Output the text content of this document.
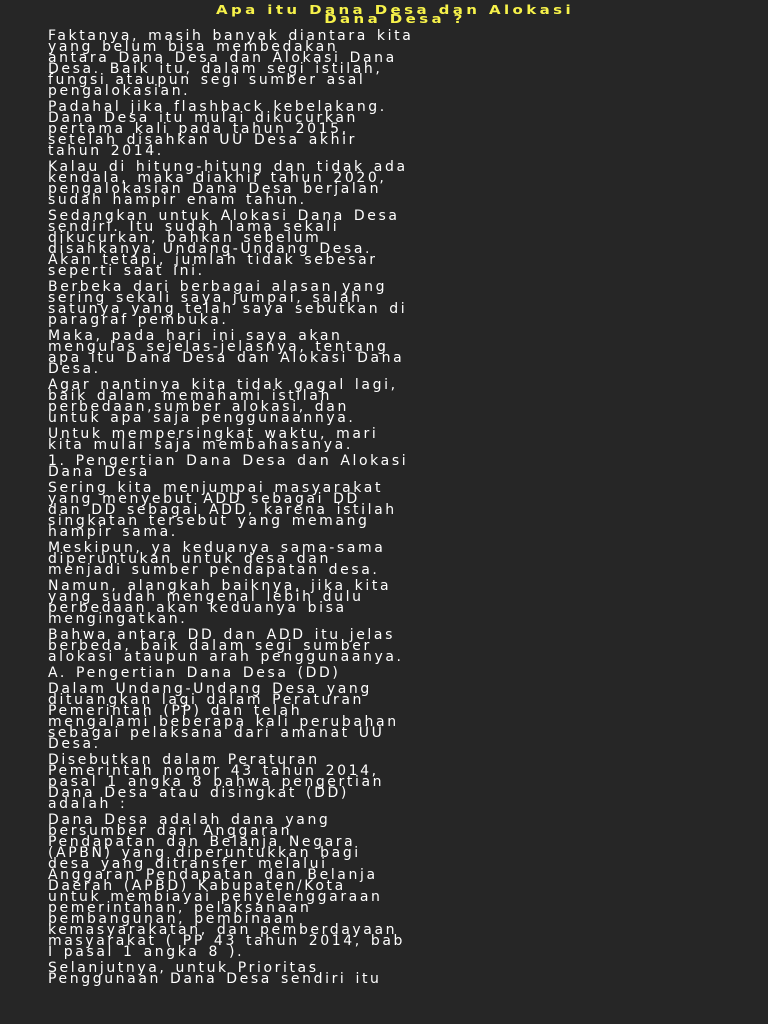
Apa itu Dana Desa dan Alokasi
Dana Desa ?

Faktanya, masih banyak diantara kita
yang belum bisa membedakan
antara Dana Desa dan Alokasi Dana
Desa. Baik itu, dalam segi istilah,
fungsi ataupun segi sumber asal
pengalokasian.

Padahal jika flashback kebelakang.
Dana Desa itu mulai dikucurkan
pertama kali pada tahun 2015,
setelah disahkan UU Desa akhir
tahun 2014.

Kalau di hitung-hitung dan tidak ada
kendala, maka diakhir tahun 2020,
pengalokasian Dana Desa berjalan
sudah hampir enam tahun.

Sedangkan untuk Alokasi Dana Desa
sendiri. Itu sudah lama sekali
dikucurkan, bahkan sebelum
disahkanya Undang-Undang Desa.
Akan tetapi, jumlah tidak sebesar
seperti saat ini.

Berbeka dari berbagai alasan yang
sering sekali saya jumpai, salah
satunya yang telah saya sebutkan di
paragraf pembuka.

Maka, pada hari ini saya akan
mengulas sejelas-jelasnya, tentang
apa itu Dana Desa dan Alokasi Dana
Desa.

Agar nantinya kita tidak gagal lagi,
baik dalam memahami istilah
perbedaan,sumber alokasi, dan
untuk apa saja penggunaannya.

Untuk mempersingkat waktu, mari
kita mulai saja membahasanya.

1. Pengertian Dana Desa dan Alokasi
Dana Desa

Sering kita menjumpai masyarakat
yang menyebut ADD sebagai DD
dan DD sebagai ADD, karena istilah
singkatan tersebut yang memang
hampir sama.

Meskipun, ya keduanya sama-sama
diperuntukan untuk desa dan
menjadi sumber pendapatan desa.

Namun, alangkah baiknya, jika kita
yang sudah mengenal lebih dulu
perbedaan akan keduanya bisa
mengingatkan.

Bahwa antara DD dan ADD itu jelas
berbeda, baik dalam segi sumber
alokasi ataupun arah penggunaanya.

A. Pengertian Dana Desa (DD)

Dalam Undang-Undang Desa yang
dituangkan lagi dalam Peraturan
Pemerintah (PP) dan telah
mengalami beberapa kali perubahan
sebagai pelaksana dari amanat UU
Desa.

Disebutkan dalam Peraturan
Pemerintah nomor 43 tahun 2014,
pasal 1 angka 8 bahwa pengertian
Dana Desa atau disingkat (DD)
adalah :

Dana Desa adalah dana yang
bersumber dari Anggaran
Pendapatan dan Belanja Negara
(APBN) yang diperuntukkan bagi
desa yang ditransfer melalui
Anggaran Pendapatan dan Belanja
Daerah (APBD) Kabupaten/Kota
untuk membiayai penyelenggaraan
pemerintahan, pelaksanaan
pembangunan, pembinaan
kemasyarakatan, dan pemberdayaan
masyarakat ( PP 43 tahun 2014, bab
I pasal 1 angka 8 ).

Selanjutnya, untuk Prioritas
Penggunaan Dana Desa sendiri itu
